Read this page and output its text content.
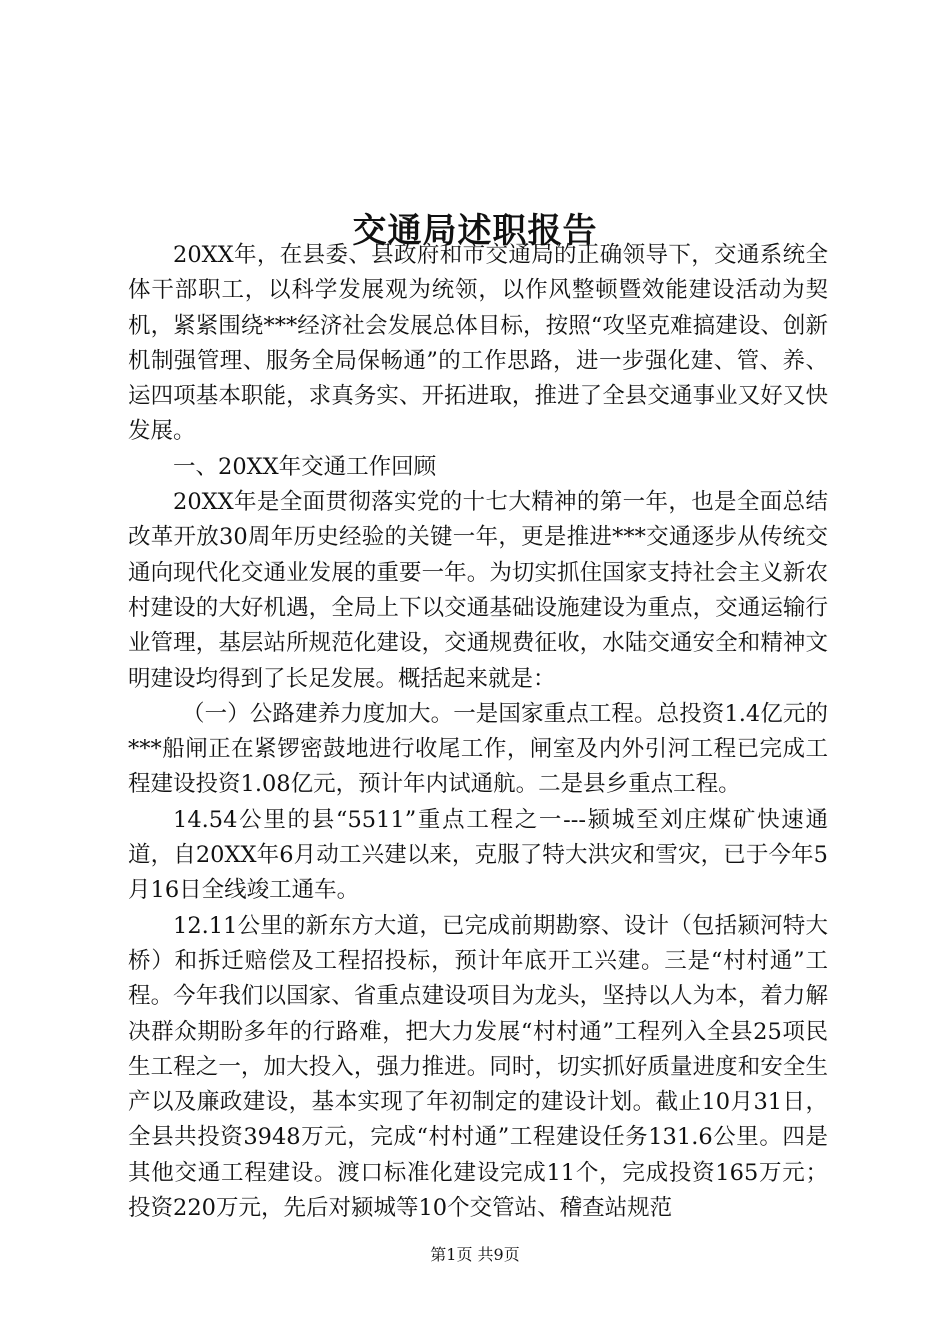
交通局述职报告

20XX年，在县委、县政府和市交通局的正确领导下，交通系统全体干部职工，以科学发展观为统领，以作风整顿暨效能建设活动为契机，紧紧围绕***经济社会发展总体目标，按照“攻坚克难搞建设、创新机制强管理、服务全局保畅通”的工作思路，进一步强化建、管、养、运四项基本职能，求真务实、开拓进取，推进了全县交通事业又好又快发展。

一、20XX年交通工作回顾

20XX年是全面贯彻落实党的十七大精神的第一年，也是全面总结改革开放30周年历史经验的关键一年，更是推进***交通逐步从传统交通向现代化交通业发展的重要一年。为切实抓住国家支持社会主义新农村建设的大好机遇，全局上下以交通基础设施建设为重点，交通运输行业管理，基层站所规范化建设，交通规费征收，水陆交通安全和精神文明建设均得到了长足发展。概括起来就是：

（一）公路建养力度加大。一是国家重点工程。总投资1.4亿元的***船闸正在紧锣密鼓地进行收尾工作，闸室及内外引河工程已完成工程建设投资1.08亿元，预计年内试通航。二是县乡重点工程。

14.54公里的县“5511”重点工程之一---颍城至刘庄煤矿快速通道，自20XX年6月动工兴建以来，克服了特大洪灾和雪灾，已于今年5月16日全线竣工通车。

12.11公里的新东方大道，已完成前期勘察、设计（包括颍河特大桥）和拆迁赔偿及工程招投标，预计年底开工兴建。三是“村村通”工程。今年我们以国家、省重点建设项目为龙头，坚持以人为本，着力解决群众期盼多年的行路难，把大力发展“村村通”工程列入全县25项民生工程之一，加大投入，强力推进。同时，切实抓好质量进度和安全生产以及廉政建设，基本实现了年初制定的建设计划。截止10月31日，全县共投资3948万元，完成“村村通”工程建设任务131.6公里。四是其他交通工程建设。渡口标准化建设完成11个，完成投资165万元；投资220万元，先后对颍城等10个交管站、稽查站规范

第1页 共9页
